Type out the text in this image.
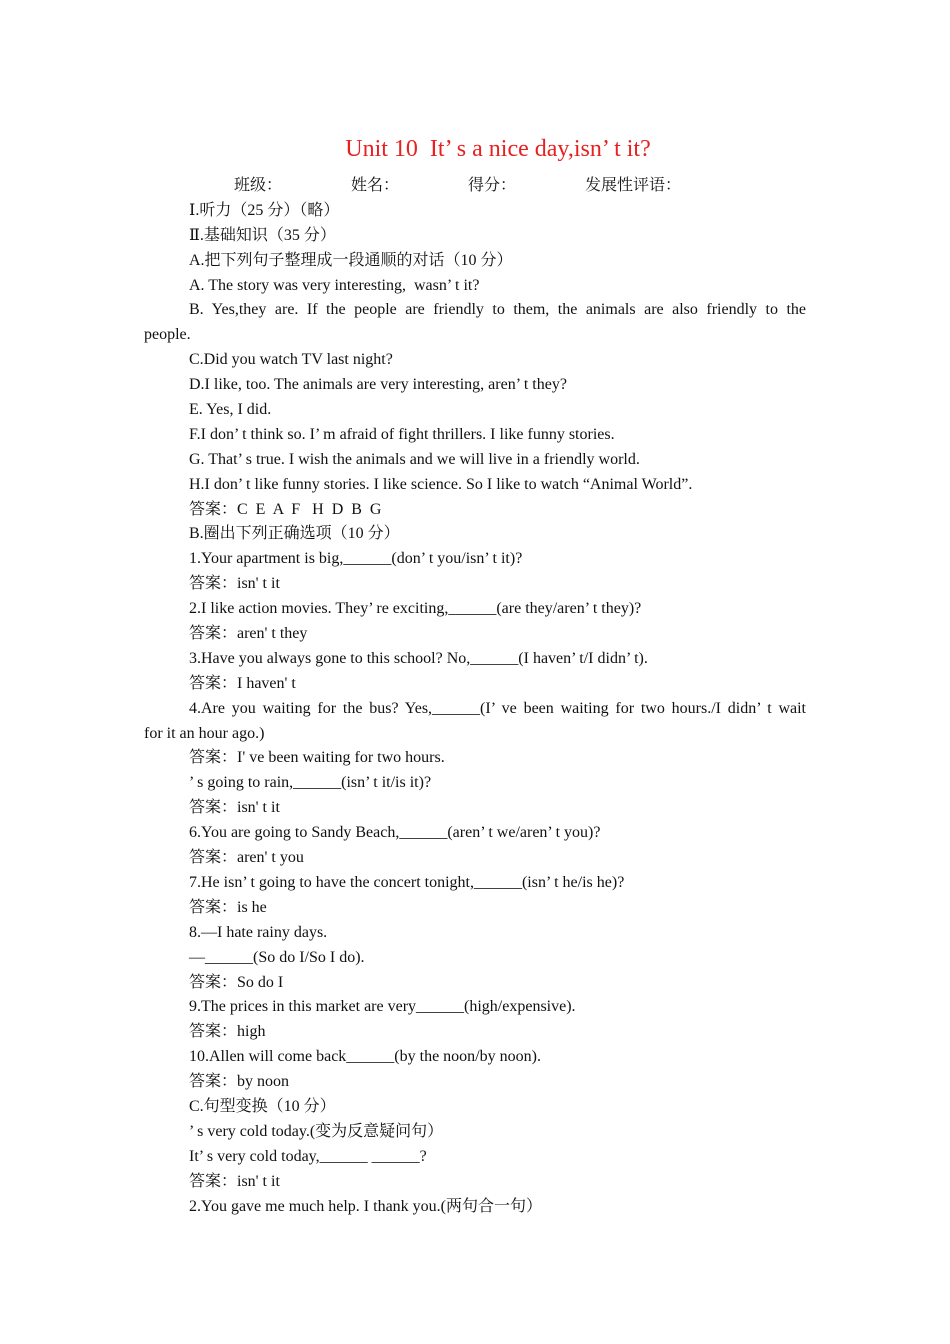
Unit 10  It’ s a nice day,isn’ t it?
班级：	姓名：	得分：	发展性评语：
Ⅰ.听力（25 分）（略）
Ⅱ.基础知识（35 分）
A.把下列句子整理成一段通顺的对话（10 分）
A. The story was very interesting,  wasn’ t it?
B. Yes,they are. If the people are friendly to them, the animals are also friendly to the
people.
C.Did you watch TV last night?
D.I like, too. The animals are very interesting, aren’ t they?
E. Yes, I did.
F.I don’ t think so. I’ m afraid of fight thrillers. I like funny stories.
G. That’ s true. I wish the animals and we will live in a friendly world.
H.I don’ t like funny stories. I like science. So I like to watch “Animal World”.
答案：C  E  A  F   H  D  B  G
B.圈出下列正确选项（10 分）
1.Your apartment is big,______(don’ t you/isn’ t it)?
答案：isn' t it
2.I like action movies. They’ re exciting,______(are they/aren’ t they)?
答案：aren' t they
3.Have you always gone to this school? No,______(I haven’ t/I didn’ t).
答案：I haven' t
4.Are you waiting for the bus? Yes,______(I’ ve been waiting for two hours./I didn’ t wait
for it an hour ago.)
答案：I' ve been waiting for two hours.
’ s going to rain,______(isn’ t it/is it)?
答案：isn' t it
6.You are going to Sandy Beach,______(aren’ t we/aren’ t you)?
答案：aren' t you
7.He isn’ t going to have the concert tonight,______(isn’ t he/is he)?
答案：is he
8.—I hate rainy days.
—______(So do I/So I do).
答案：So do I
9.The prices in this market are very______(high/expensive).
答案：high
10.Allen will come back______(by the noon/by noon).
答案：by noon
C.句型变换（10 分）
’ s very cold today.(变为反意疑问句）
It’ s very cold today,______ ______?
答案：isn' t it
2.You gave me much help. I thank you.(两句合一句）
